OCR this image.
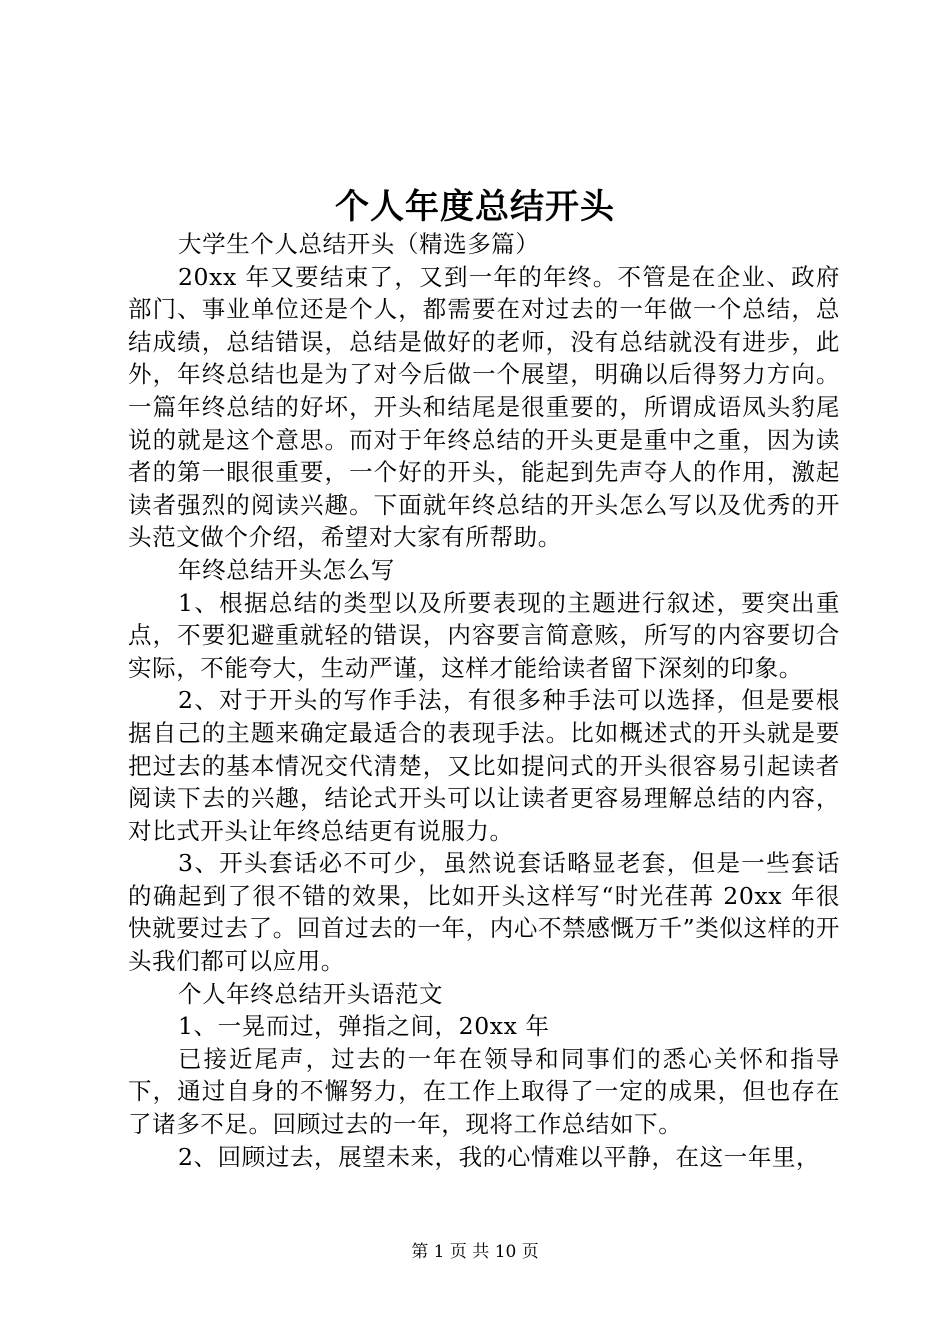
个人年度总结开头

大学生个人总结开头（精选多篇）

20xx 年又要结束了，又到一年的年终。不管是在企业、政府部门、事业单位还是个人，都需要在对过去的一年做一个总结，总结成绩，总结错误，总结是做好的老师，没有总结就没有进步，此外，年终总结也是为了对今后做一个展望，明确以后得努力方向。一篇年终总结的好坏，开头和结尾是很重要的，所谓成语凤头豹尾说的就是这个意思。而对于年终总结的开头更是重中之重，因为读者的第一眼很重要，一个好的开头，能起到先声夺人的作用，激起读者强烈的阅读兴趣。下面就年终总结的开头怎么写以及优秀的开头范文做个介绍，希望对大家有所帮助。

年终总结开头怎么写

1、根据总结的类型以及所要表现的主题进行叙述，要突出重点，不要犯避重就轻的错误，内容要言简意赅，所写的内容要切合实际，不能夸大，生动严谨，这样才能给读者留下深刻的印象。

2、对于开头的写作手法，有很多种手法可以选择，但是要根据自己的主题来确定最适合的表现手法。比如概述式的开头就是要把过去的基本情况交代清楚，又比如提问式的开头很容易引起读者阅读下去的兴趣，结论式开头可以让读者更容易理解总结的内容，对比式开头让年终总结更有说服力。

3、开头套话必不可少，虽然说套话略显老套，但是一些套话的确起到了很不错的效果，比如开头这样写“时光荏苒 20xx 年很快就要过去了。回首过去的一年，内心不禁感慨万千”类似这样的开头我们都可以应用。

个人年终总结开头语范文

1、一晃而过，弹指之间，20xx 年

已接近尾声，过去的一年在领导和同事们的悉心关怀和指导下，通过自身的不懈努力，在工作上取得了一定的成果，但也存在了诸多不足。回顾过去的一年，现将工作总结如下。

2、回顾过去，展望未来，我的心情难以平静，在这一年里，

第 1 页 共 10 页
